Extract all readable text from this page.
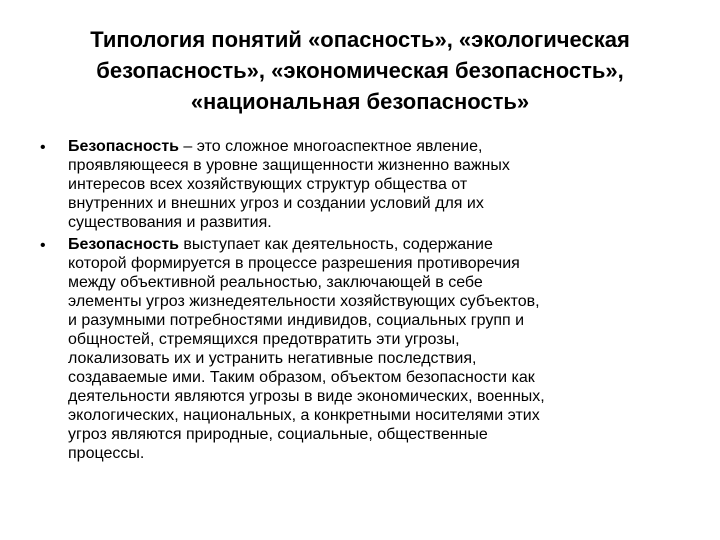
Типология понятий «опасность», «экологическая
безопасность», «экономическая безопасность»,
«национальная безопасность»
• Безопасность – это сложное многоаспектное явление,
проявляющееся в уровне защищенности жизненно важных
интересов всех хозяйствующих структур общества от
внутренних и внешних угроз и создании условий для их
существования и развития.
• Безопасность выступает как деятельность, содержание
которой формируется в процессе разрешения противоречия
между объективной реальностью, заключающей в себе
элементы угроз жизнедеятельности хозяйствующих субъектов,
и разумными потребностями индивидов, социальных групп и
общностей, стремящихся предотвратить эти угрозы,
локализовать их и устранить негативные последствия,
создаваемые ими. Таким образом, объектом безопасности как
деятельности являются угрозы в виде экономических, военных,
экологических, национальных, а конкретными носителями этих
угроз являются природные, социальные, общественные
процессы.
